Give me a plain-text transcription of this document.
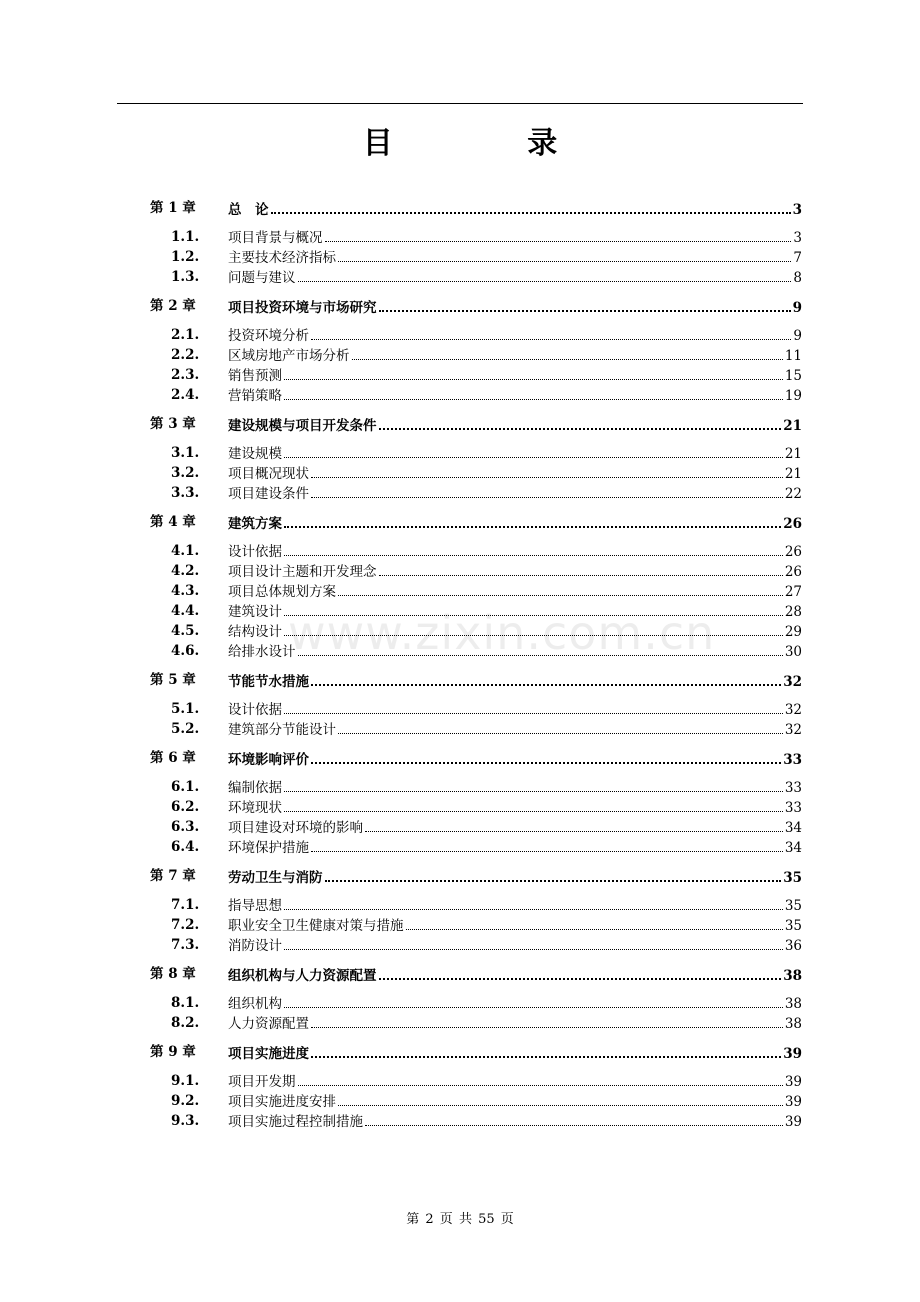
目 录
www.zixin.com.cn
第 1 章 总　论	3
1.1. 项目背景与概况	3
1.2. 主要技术经济指标	7
1.3. 问题与建议	8
第 2 章 项目投资环境与市场研究	9
2.1. 投资环境分析	9
2.2. 区域房地产市场分析	11
2.3. 销售预测	15
2.4. 营销策略	19
第 3 章 建设规模与项目开发条件	21
3.1. 建设规模	21
3.2. 项目概况现状	21
3.3. 项目建设条件	22
第 4 章 建筑方案	26
4.1. 设计依据	26
4.2. 项目设计主题和开发理念	26
4.3. 项目总体规划方案	27
4.4. 建筑设计	28
4.5. 结构设计	29
4.6. 给排水设计	30
第 5 章 节能节水措施	32
5.1. 设计依据	32
5.2. 建筑部分节能设计	32
第 6 章 环境影响评价	33
6.1. 编制依据	33
6.2. 环境现状	33
6.3. 项目建设对环境的影响	34
6.4. 环境保护措施	34
第 7 章 劳动卫生与消防	35
7.1. 指导思想	35
7.2. 职业安全卫生健康对策与措施	35
7.3. 消防设计	36
第 8 章 组织机构与人力资源配置	38
8.1. 组织机构	38
8.2. 人力资源配置	38
第 9 章 项目实施进度	39
9.1. 项目开发期	39
9.2. 项目实施进度安排	39
9.3. 项目实施过程控制措施	39
第 2 页 共 55 页
